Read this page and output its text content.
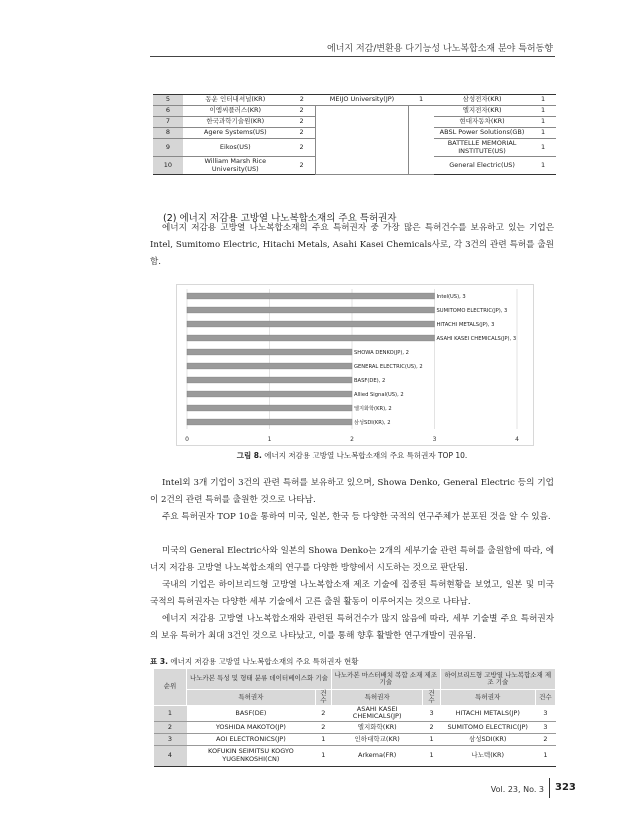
에너지 저감/변환용 다기능성 나노복합소재 분야 특허동향
5	동운 인터내셔널(KR)	2	MEIJO University(JP)	1	삼성전자(KR)	1
6	이엠씨플러스(KR)	2			엘지전자(KR)	1
7	한국과학기술원(KR)	2			현대자동차(KR)	1
8	Agere Systems(US)	2			ABSL Power Solutions(GB)	1
9	Eikos(US)	2			BATTELLE MEMORIAL INSTITUTE(US)	1
10	William Marsh Rice University(US)	2			General Electric(US)	1
(2) 에너지 저감용 고방열 나노복합소재의 주요 특허권자
에너지 저감용 고방열 나노복합소재의 주요 특허권자 중 가장 많은 특허건수를 보유하고 있는 기업은 Intel, Sumitomo Electric, Hitachi Metals, Asahi Kasei Chemicals사로, 각 3건의 관련 특허를 출원함.
0	1	2	3	4
Intel(US), 3
SUMITOMO ELECTRIC(JP), 3
HITACHI METALS(JP), 3
ASAHI KASEI CHEMICALS(JP), 3
SHOWA DENKO(JP), 2
GENERAL ELECTRIC(US), 2
BASF(DE), 2
Allied Signal(US), 2
엘지화학(KR), 2
삼성SDI(KR), 2
그림 8. 에너지 저감용 고방열 나노복합소재의 주요 특허권자 TOP 10.
Intel외 3개 기업이 3건의 관련 특허를 보유하고 있으며, Showa Denko, General Electric 등의 기업이 2건의 관련 특허를 출원한 것으로 나타남.
주요 특허권자 TOP 10을 통하여 미국, 일본, 한국 등 다양한 국적의 연구주체가 분포된 것을 알 수 있음.
미국의 General Electric사와 일본의 Showa Denko는 2개의 세부기술 관련 특허를 출원함에 따라, 에너지 저감용 고방열 나노복합소재의 연구를 다양한 방향에서 시도하는 것으로 판단됨.
국내의 기업은 하이브리드형 고방열 나노복합소재 제조 기술에 집중된 특허현황을 보였고, 일본 및 미국 국적의 특허권자는 다양한 세부 기술에서 고른 출원 활동이 이루어지는 것으로 나타남.
에너지 저감용 고방열 나노복합소재와 관련된 특허건수가 많지 않음에 따라, 세부 기술별 주요 특허권자의 보유 특허가 최대 3건인 것으로 나타났고, 이를 통해 향후 활발한 연구개발이 권유됨.
표 3. 에너지 저감용 고방열 나노복합소재의 주요 특허권자 현황
순위	나노카본 특성 및 형태 분류 데이터베이스화 기술		나노카본 마스터배치 복합 소재 제조 기술		하이브리드형 고방열 나노복합소재 제조 기술	
	특허권자	건수	특허권자	건수	특허권자	건수
1	BASF(DE)	2	ASAHI KASEI CHEMICALS(JP)	3	HITACHI METALS(JP)	3
2	YOSHIDA MAKOTO(JP)	2	엘지화학(KR)	2	SUMITOMO ELECTRIC(JP)	3
3	AOI ELECTRONICS(JP)	1	인하대학교(KR)	1	삼성SDI(KR)	2
4	KOFUKIN SEIMITSU KOGYO YUGENKOSHI(CN)	1	Arkema(FR)	1	나노텍(KR)	1
Vol. 23, No. 3 323
